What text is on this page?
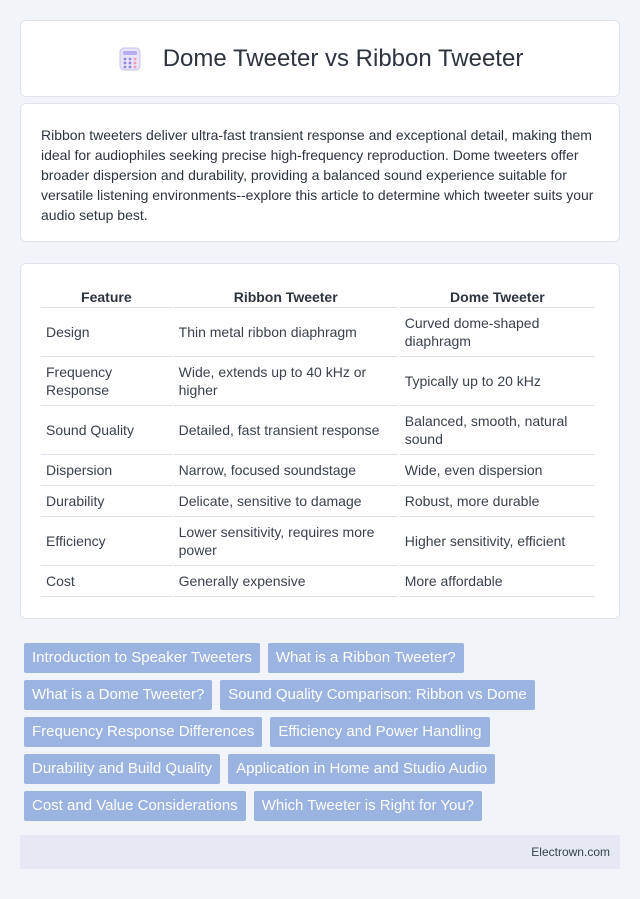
Dome Tweeter vs Ribbon Tweeter

Ribbon tweeters deliver ultra-fast transient response and exceptional detail, making them ideal for audiophiles seeking precise high-frequency reproduction. Dome tweeters offer broader dispersion and durability, providing a balanced sound experience suitable for versatile listening environments--explore this article to determine which tweeter suits your audio setup best.

Feature	Ribbon Tweeter	Dome Tweeter
Design	Thin metal ribbon diaphragm	Curved dome-shaped diaphragm
Frequency Response	Wide, extends up to 40 kHz or higher	Typically up to 20 kHz
Sound Quality	Detailed, fast transient response	Balanced, smooth, natural sound
Dispersion	Narrow, focused soundstage	Wide, even dispersion
Durability	Delicate, sensitive to damage	Robust, more durable
Efficiency	Lower sensitivity, requires more power	Higher sensitivity, efficient
Cost	Generally expensive	More affordable
Introduction to Speaker Tweeters	What is a Ribbon Tweeter?
What is a Dome Tweeter?	Sound Quality Comparison: Ribbon vs Dome
Frequency Response Differences	Efficiency and Power Handling
Durability and Build Quality	Application in Home and Studio Audio
Cost and Value Considerations	Which Tweeter is Right for You?
Electrown.com
